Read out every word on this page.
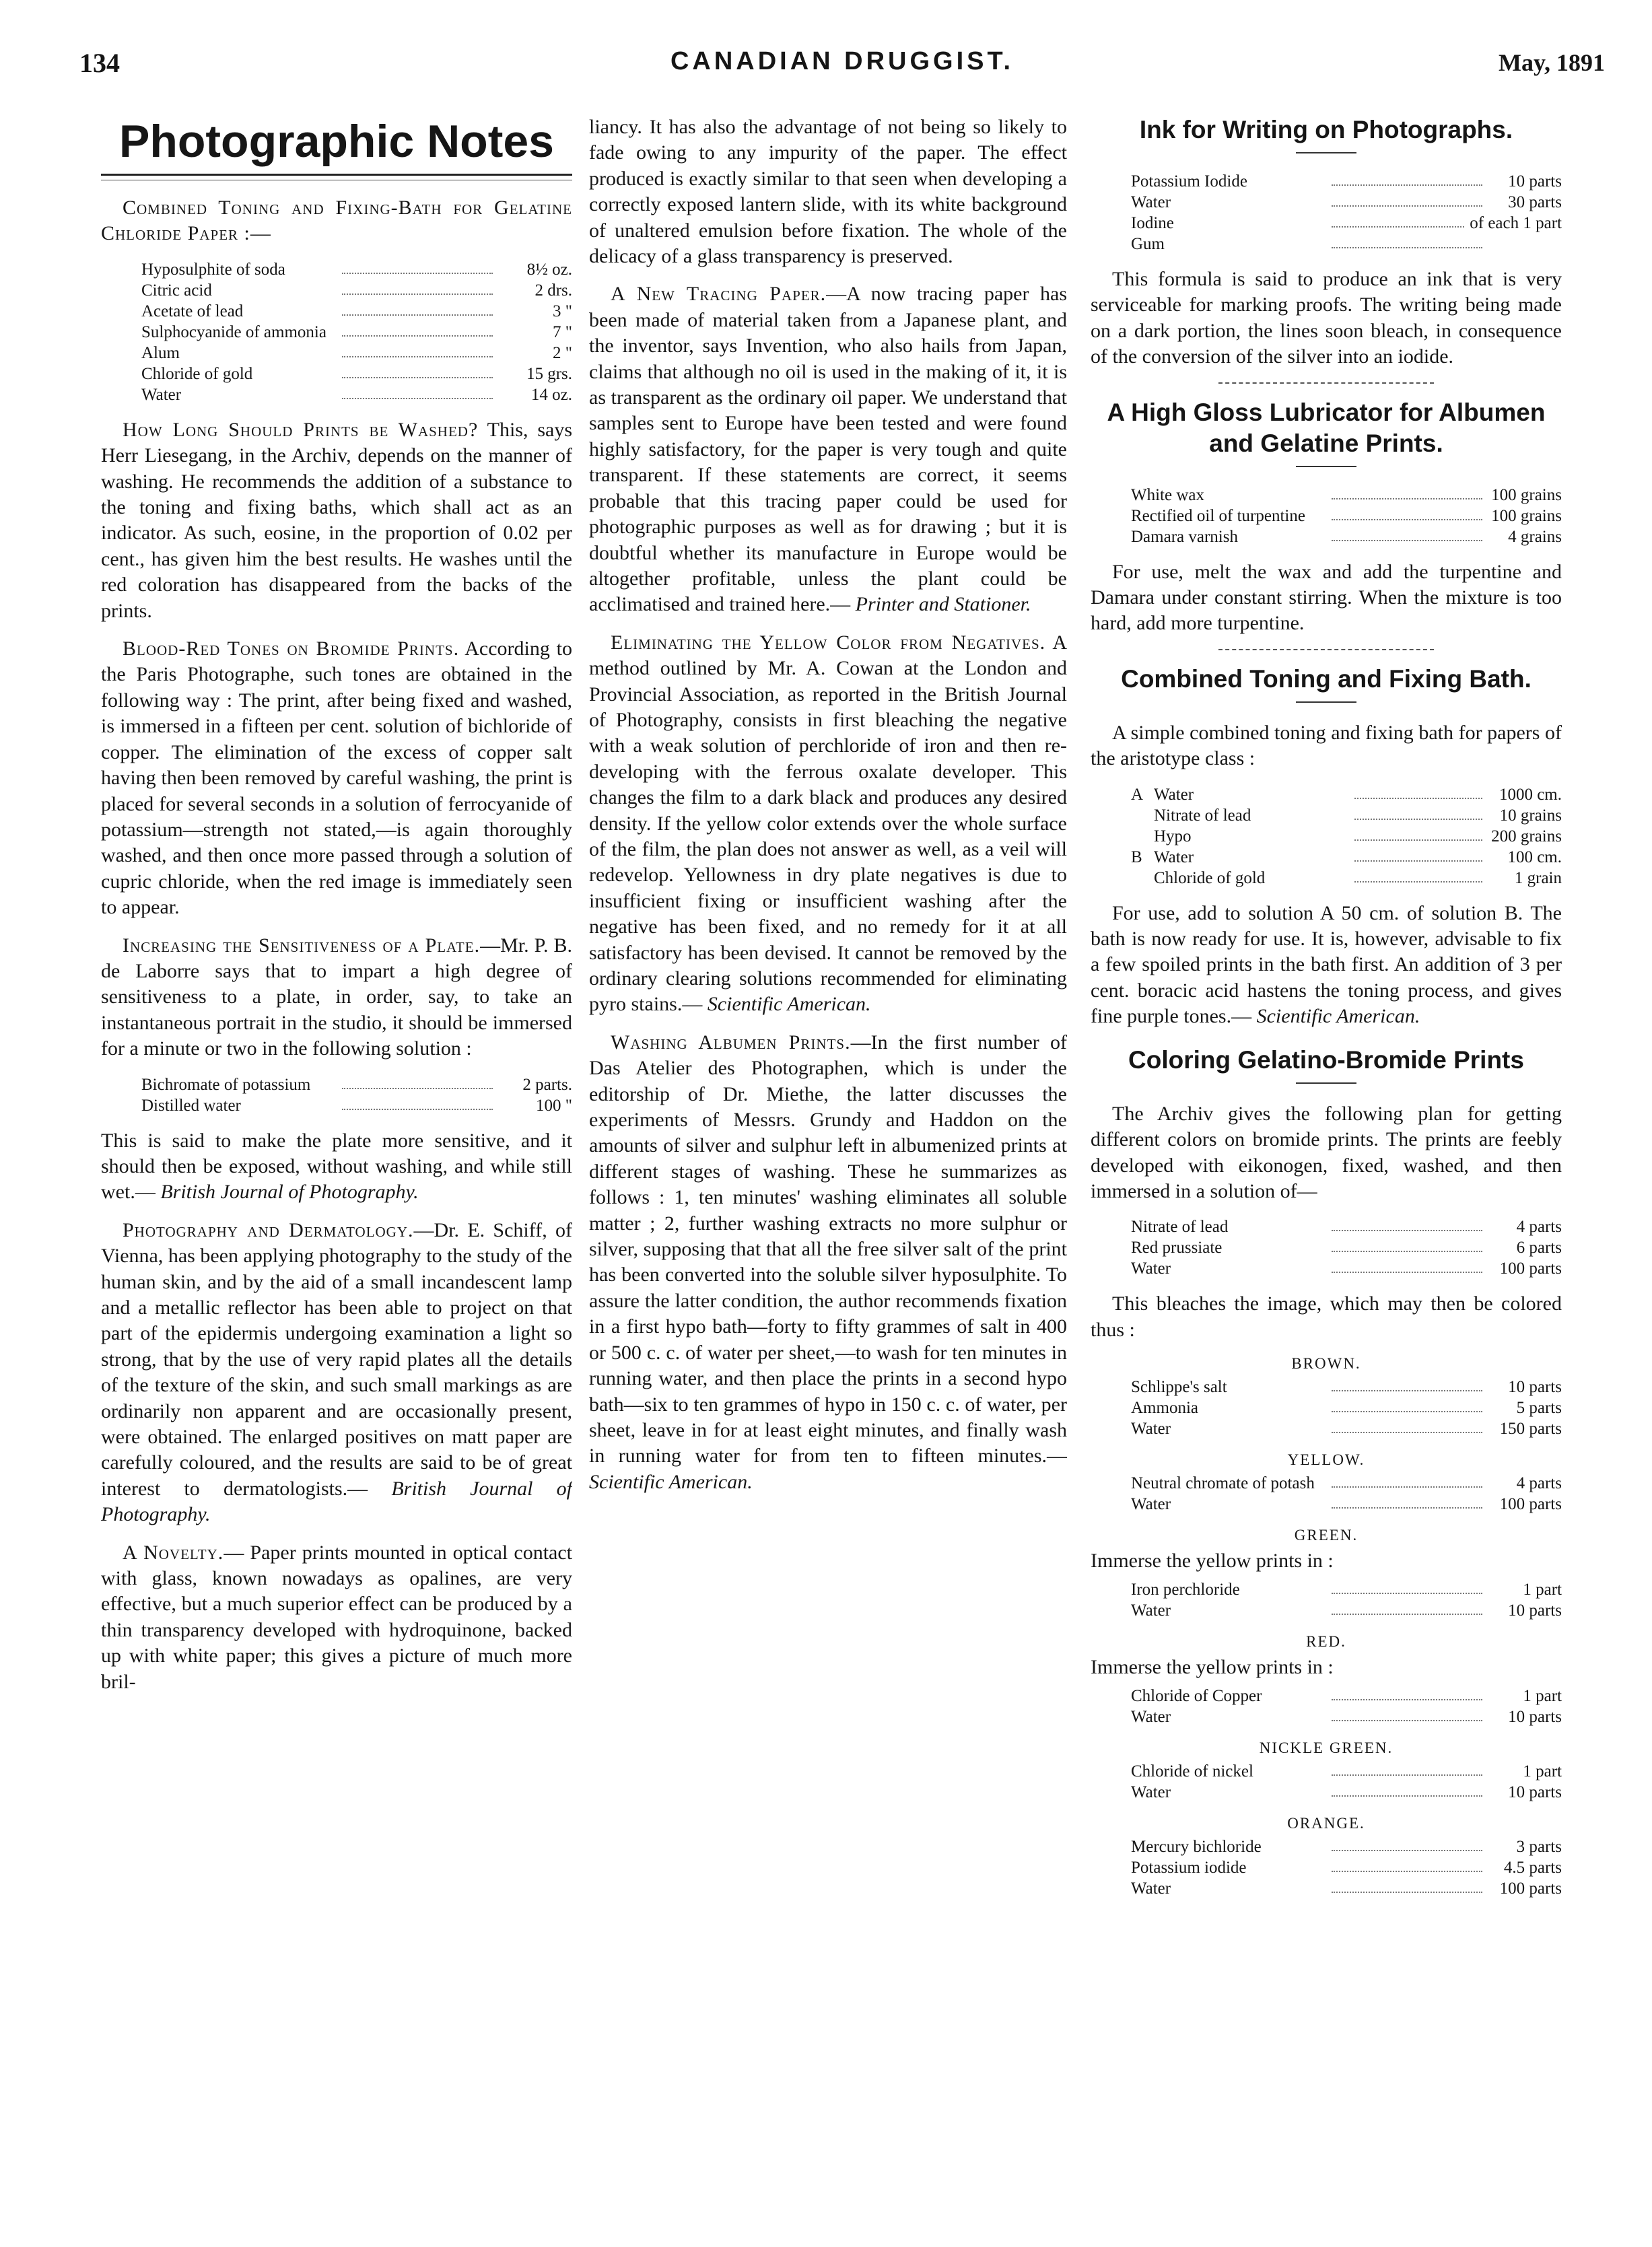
134	CANADIAN DRUGGIST.	May, 1891
Photographic Notes

Combined Toning and Fixing-Bath for Gelatine Chloride Paper :—

Hyposulphite of soda	8½ oz.
Citric acid	2 drs.
Acetate of lead	3 "
Sulphocyanide of ammonia	7 "
Alum	2 "
Chloride of gold	15 grs.
Water	14 oz.

How Long Should Prints be Washed? This, says Herr Liesegang, in the Archiv, depends on the manner of washing. He recommends the addition of a substance to the toning and fixing baths, which shall act as an indicator. As such, eosine, in the proportion of 0.02 per cent., has given him the best results. He washes until the red coloration has disappeared from the backs of the prints.

Blood-Red Tones on Bromide Prints. According to the Paris Photographe, such tones are obtained in the following way : The print, after being fixed and washed, is immersed in a fifteen per cent. solution of bichloride of copper. The elimination of the excess of copper salt having then been removed by careful washing, the print is placed for several seconds in a solution of ferrocyanide of potassium—strength not stated,—is again thoroughly washed, and then once more passed through a solution of cupric chloride, when the red image is immediately seen to appear.

Increasing the Sensitiveness of a Plate.—Mr. P. B. de Laborre says that to impart a high degree of sensitiveness to a plate, in order, say, to take an instantaneous portrait in the studio, it should be immersed for a minute or two in the following solution :

Bichromate of potassium	2 parts.
Distilled water	100 "

This is said to make the plate more sensitive, and it should then be exposed, without washing, and while still wet.— British Journal of Photography.

Photography and Dermatology.—Dr. E. Schiff, of Vienna, has been applying photography to the study of the human skin, and by the aid of a small incandescent lamp and a metallic reflector has been able to project on that part of the epidermis undergoing examination a light so strong, that by the use of very rapid plates all the details of the texture of the skin, and such small markings as are ordinarily non apparent and are occasionally present, were obtained. The enlarged positives on matt paper are carefully coloured, and the results are said to be of great interest to dermatologists.— British Journal of Photography.

A Novelty.— Paper prints mounted in optical contact with glass, known nowadays as opalines, are very effective, but a much superior effect can be produced by a thin transparency developed with hydroquinone, backed up with white paper; this gives a picture of much more bril-

liancy. It has also the advantage of not being so likely to fade owing to any impurity of the paper. The effect produced is exactly similar to that seen when developing a correctly exposed lantern slide, with its white background of unaltered emulsion before fixation. The whole of the delicacy of a glass transparency is preserved.

A New Tracing Paper.—A now tracing paper has been made of material taken from a Japanese plant, and the inventor, says Invention, who also hails from Japan, claims that although no oil is used in the making of it, it is as transparent as the ordinary oil paper. We understand that samples sent to Europe have been tested and were found highly satisfactory, for the paper is very tough and quite transparent. If these statements are correct, it seems probable that this tracing paper could be used for photographic purposes as well as for drawing ; but it is doubtful whether its manufacture in Europe would be altogether profitable, unless the plant could be acclimatised and trained here.— Printer and Stationer.

Eliminating the Yellow Color from Negatives. A method outlined by Mr. A. Cowan at the London and Provincial Association, as reported in the British Journal of Photography, consists in first bleaching the negative with a weak solution of perchloride of iron and then re-developing with the ferrous oxalate developer. This changes the film to a dark black and produces any desired density. If the yellow color extends over the whole surface of the film, the plan does not answer as well, as a veil will redevelop. Yellowness in dry plate negatives is due to insufficient fixing or insufficient washing after the negative has been fixed, and no remedy for it at all satisfactory has been devised. It cannot be removed by the ordinary clearing solutions recommended for eliminating pyro stains.— Scientific American.

Washing Albumen Prints.—In the first number of Das Atelier des Photographen, which is under the editorship of Dr. Miethe, the latter discusses the experiments of Messrs. Grundy and Haddon on the amounts of silver and sulphur left in albumenized prints at different stages of washing. These he summarizes as follows : 1, ten minutes' washing eliminates all soluble matter ; 2, further washing extracts no more sulphur or silver, supposing that that all the free silver salt of the print has been converted into the soluble silver hyposulphite. To assure the latter condition, the author recommends fixation in a first hypo bath—forty to fifty grammes of salt in 400 or 500 c. c. of water per sheet,—to wash for ten minutes in running water, and then place the prints in a second hypo bath—six to ten grammes of hypo in 150 c. c. of water, per sheet, leave in for at least eight minutes, and finally wash in running water for from ten to fifteen minutes.— Scientific American.

Ink for Writing on Photographs.
Potassium Iodide	10 parts
Water	30 parts
Iodine	of each 1 part
Gum

This formula is said to produce an ink that is very serviceable for marking proofs. The writing being made on a dark portion, the lines soon bleach, in consequence of the conversion of the silver into an iodide.

A High Gloss Lubricator for Albumen and Gelatine Prints.
White wax	100 grains
Rectified oil of turpentine	100 grains
Damara varnish	4 grains

For use, melt the wax and add the turpentine and Damara under constant stirring. When the mixture is too hard, add more turpentine.

Combined Toning and Fixing Bath.

A simple combined toning and fixing bath for papers of the aristotype class :

A Water	1000 cm.
Nitrate of lead	10 grains
Hypo	200 grains
B Water	100 cm.
Chloride of gold	1 grain

For use, add to solution A 50 cm. of solution B. The bath is now ready for use. It is, however, advisable to fix a few spoiled prints in the bath first. An addition of 3 per cent. boracic acid hastens the toning process, and gives fine purple tones.— Scientific American.

Coloring Gelatino-Bromide Prints

The Archiv gives the following plan for getting different colors on bromide prints. The prints are feebly developed with eikonogen, fixed, washed, and then immersed in a solution of—

Nitrate of lead	4 parts
Red prussiate	6 parts
Water	100 parts

This bleaches the image, which may then be colored thus :

BROWN.
Schlippe's salt	10 parts
Ammonia	5 parts
Water	150 parts
YELLOW.
Neutral chromate of potash	4 parts
Water	100 parts
GREEN.
Immerse the yellow prints in :
Iron perchloride	1 part
Water	10 parts
RED.
Immerse the yellow prints in :
Chloride of Copper	1 part
Water	10 parts
NICKLE GREEN.
Chloride of nickel	1 part
Water	10 parts
ORANGE.
Mercury bichloride	3 parts
Potassium iodide	4.5 parts
Water	100 parts
